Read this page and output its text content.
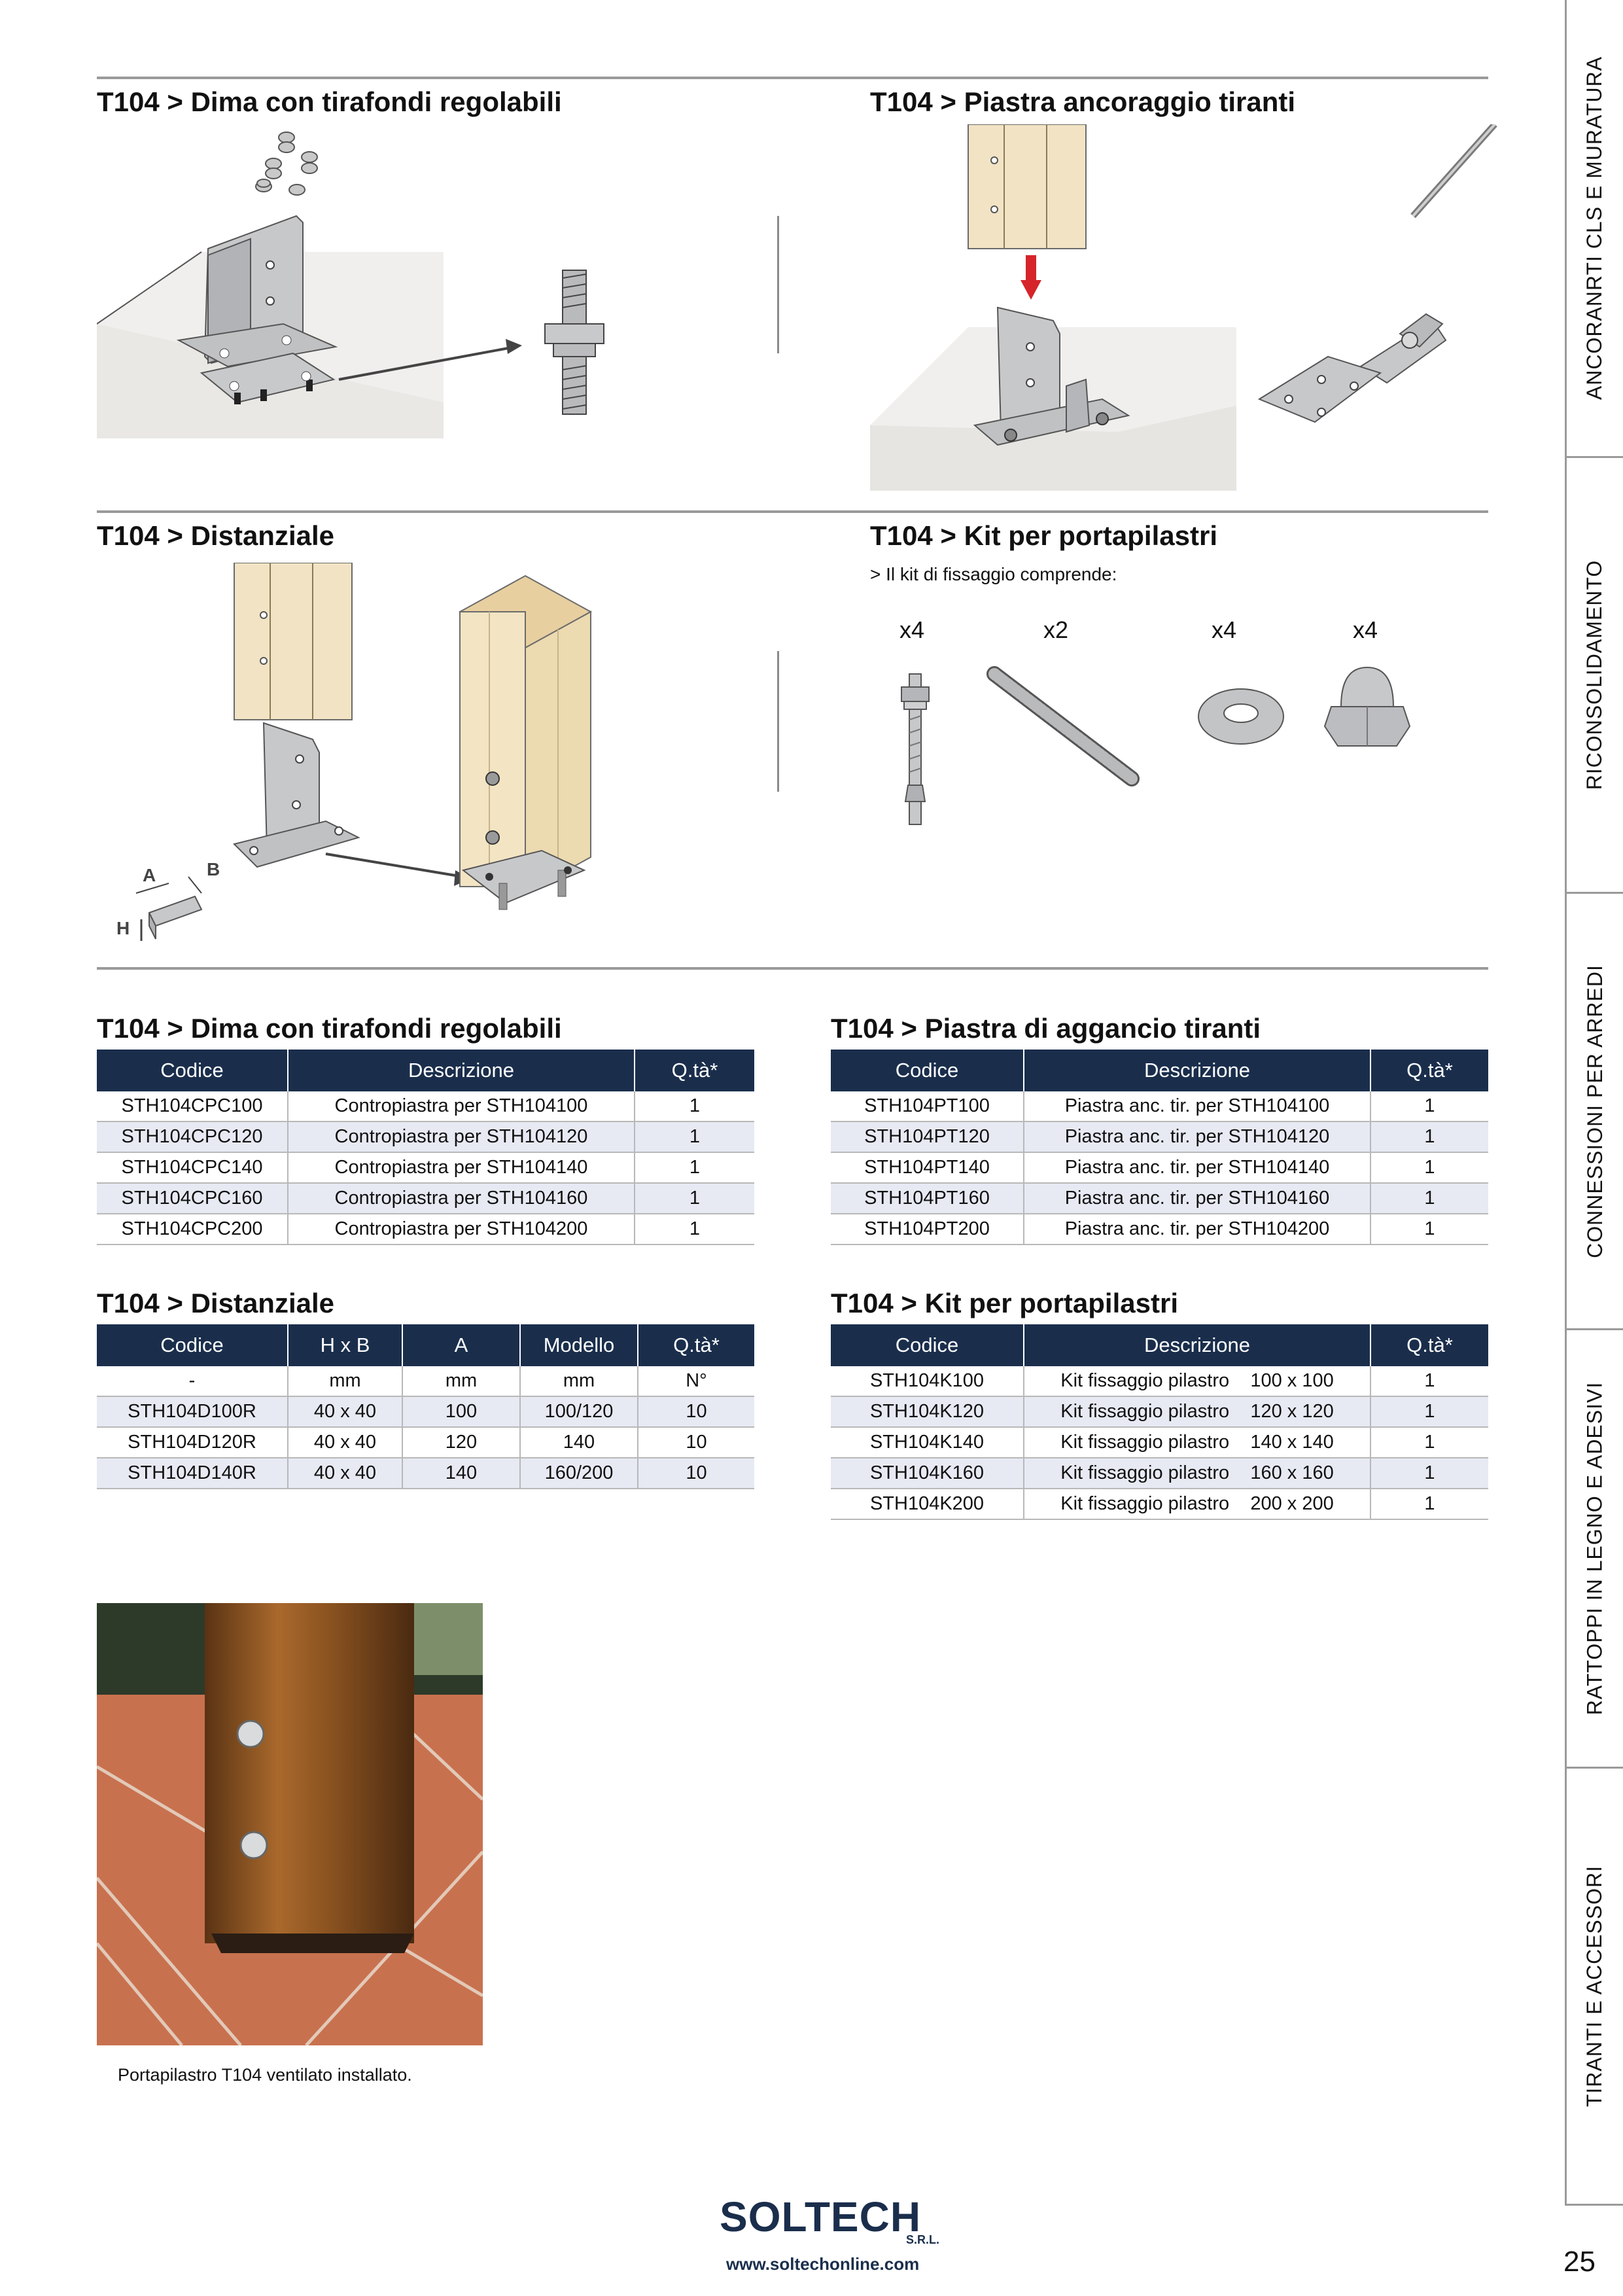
T104 > Dima con tirafondi regolabili	T104 > Piastra ancoraggio tiranti
T104 > Distanziale	T104 > Kit per portapilastri
> Il kit di fissaggio comprende:
A	B
H
x4	x2	x4	x4
T104 > Dima con tirafondi regolabili
Codice	Descrizione	Q.tà*
STH104CPC100	Contropiastra per STH104100	1
STH104CPC120	Contropiastra per STH104120	1
STH104CPC140	Contropiastra per STH104140	1
STH104CPC160	Contropiastra per STH104160	1
STH104CPC200	Contropiastra per STH104200	1
T104 > Piastra di aggancio tiranti
Codice	Descrizione	Q.tà*
STH104PT100	Piastra anc. tir. per STH104100	1
STH104PT120	Piastra anc. tir. per STH104120	1
STH104PT140	Piastra anc. tir. per STH104140	1
STH104PT160	Piastra anc. tir. per STH104160	1
STH104PT200	Piastra anc. tir. per STH104200	1
T104 > Distanziale
Codice	H x B	A	Modello	Q.tà*
-	mm	mm	mm	N°
STH104D100R	40 x 40	100	100/120	10
STH104D120R	40 x 40	120	140	10
STH104D140R	40 x 40	140	160/200	10
T104 > Kit per portapilastri
Codice	Descrizione	Q.tà*
STH104K100	Kit fissaggio pilastro    100 x 100	1
STH104K120	Kit fissaggio pilastro    120 x 120	1
STH104K140	Kit fissaggio pilastro    140 x 140	1
STH104K160	Kit fissaggio pilastro    160 x 160	1
STH104K200	Kit fissaggio pilastro    200 x 200	1
Portapilastro T104 ventilato installato.
ANCORANRTI CLS E MURATURA
RICONSOLIDAMENTO
CONNESSIONI PER ARREDI
RATTOPPI IN LEGNO E ADESIVI
TIRANTI E ACCESSORI
SOLTECH
S.R.L.
www.soltechonline.com	25
